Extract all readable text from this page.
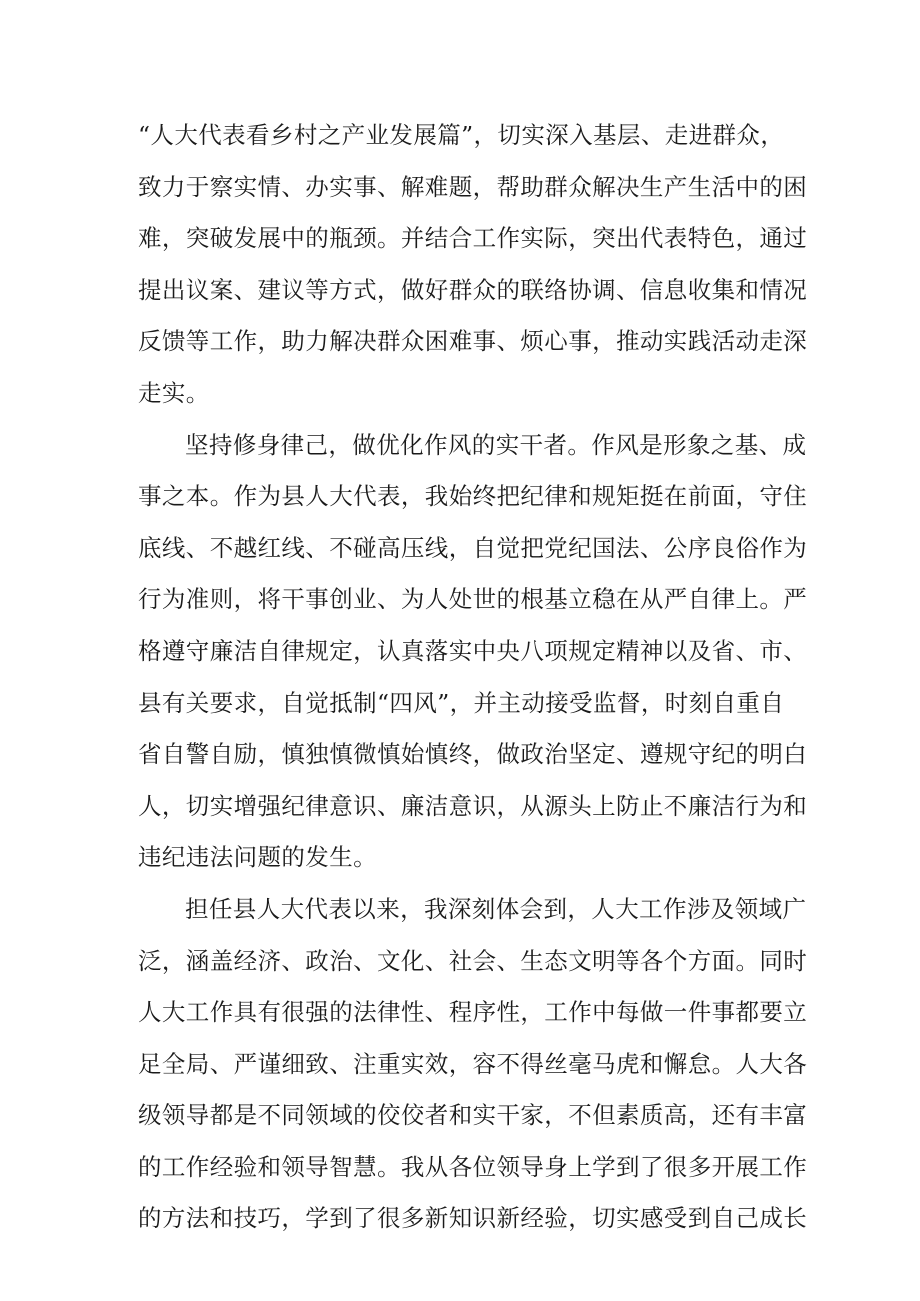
“人大代表看乡村之产业发展篇”，切实深入基层、走进群众，
致力于察实情、办实事、解难题，帮助群众解决生产生活中的困
难，突破发展中的瓶颈。并结合工作实际，突出代表特色，通过
提出议案、建议等方式，做好群众的联络协调、信息收集和情况
反馈等工作，助力解决群众困难事、烦心事，推动实践活动走深
走实。
坚持修身律己，做优化作风的实干者。作风是形象之基、成
事之本。作为县人大代表，我始终把纪律和规矩挺在前面，守住
底线、不越红线、不碰高压线，自觉把党纪国法、公序良俗作为
行为准则，将干事创业、为人处世的根基立稳在从严自律上。严
格遵守廉洁自律规定，认真落实中央八项规定精神以及省、市、
县有关要求，自觉抵制“四风”，并主动接受监督，时刻自重自
省自警自励，慎独慎微慎始慎终，做政治坚定、遵规守纪的明白
人，切实增强纪律意识、廉洁意识，从源头上防止不廉洁行为和
违纪违法问题的发生。
担任县人大代表以来，我深刻体会到，人大工作涉及领域广
泛，涵盖经济、政治、文化、社会、生态文明等各个方面。同时
人大工作具有很强的法律性、程序性，工作中每做一件事都要立
足全局、严谨细致、注重实效，容不得丝毫马虎和懈怠。人大各
级领导都是不同领域的佼佼者和实干家，不但素质高，还有丰富
的工作经验和领导智慧。我从各位领导身上学到了很多开展工作
的方法和技巧，学到了很多新知识新经验，切实感受到自己成长
